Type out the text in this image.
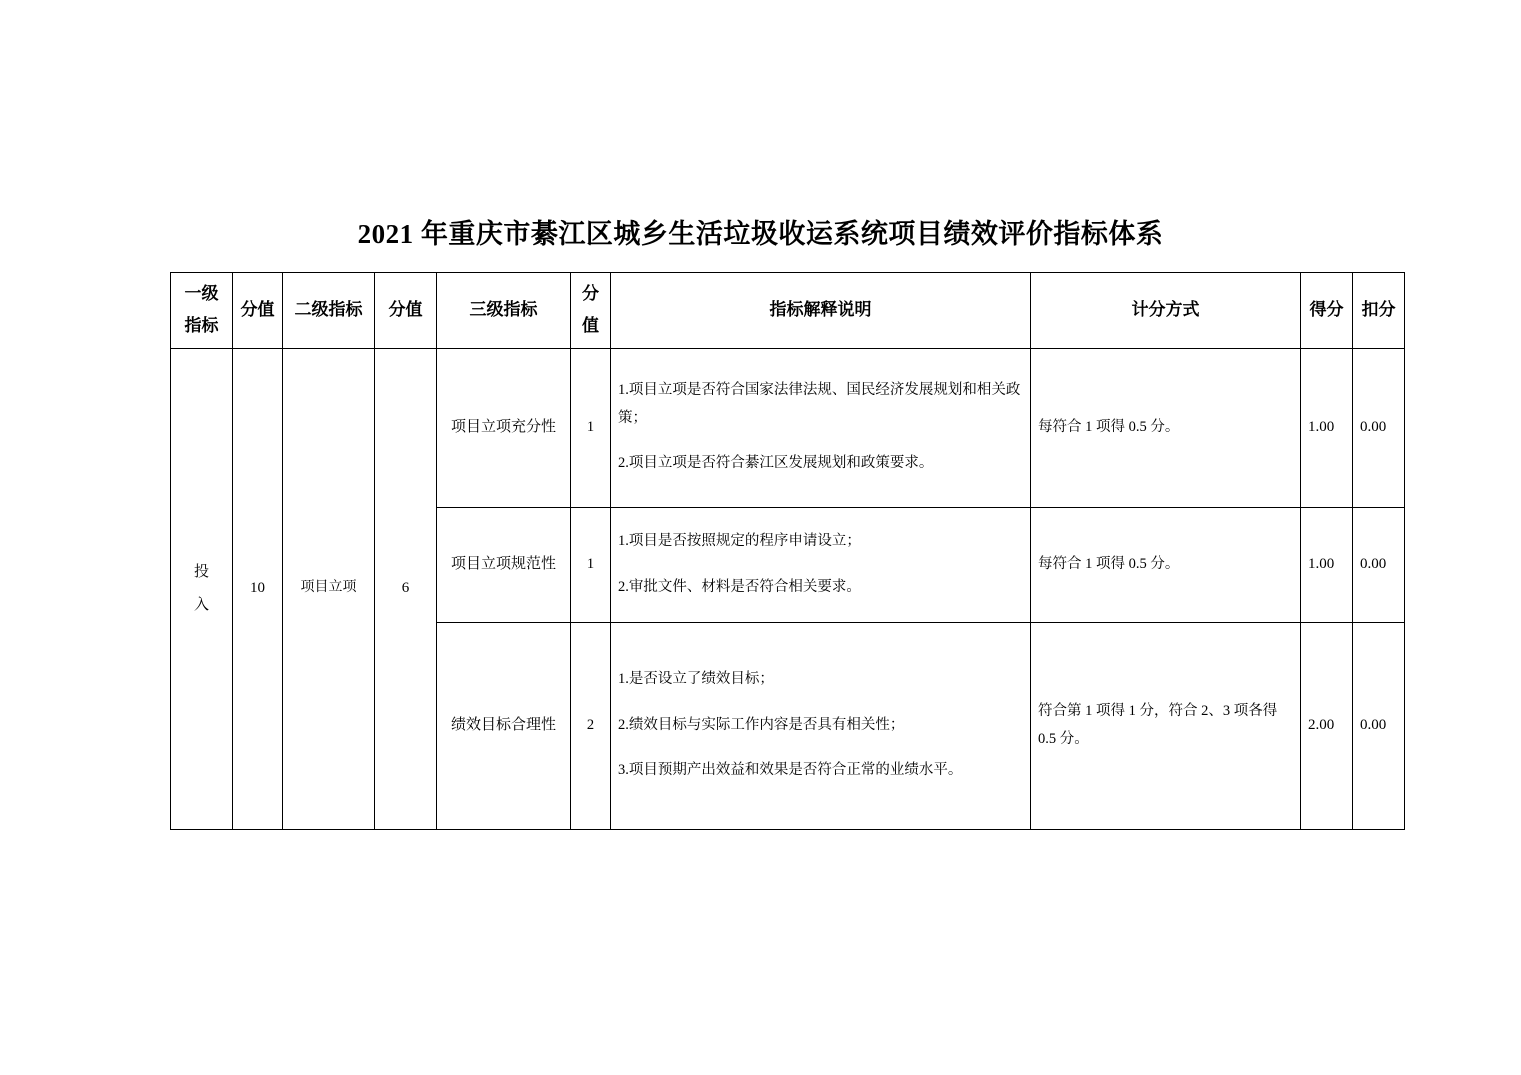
2021 年重庆市綦江区城乡生活垃圾收运系统项目绩效评价指标体系
一级指标	分值	二级指标	分值	三级指标	分值	指标解释说明	计分方式	得分	扣分

投
入
	10	项目立项	6	项目立项充分性	1	

1.项目立项是否符合国家法律法规、国民经济发展规划和相关政策；

2.项目立项是否符合綦江区发展规划和政策要求。

	每符合 1 项得 0.5 分。	1.00	0.00
				项目立项规范性	1	1.项目是否按照规定的程序申请设立；

2.审批文件、材料是否符合相关要求。	每符合 1 项得 0.5 分。	1.00	0.00
				绩效目标合理性	2	1.是否设立了绩效目标；

2.绩效目标与实际工作内容是否具有相关性；

3.项目预期产出效益和效果是否符合正常的业绩水平。	符合第 1 项得 1 分，符合 2、3 项各得 0.5 分。	2.00	0.00
